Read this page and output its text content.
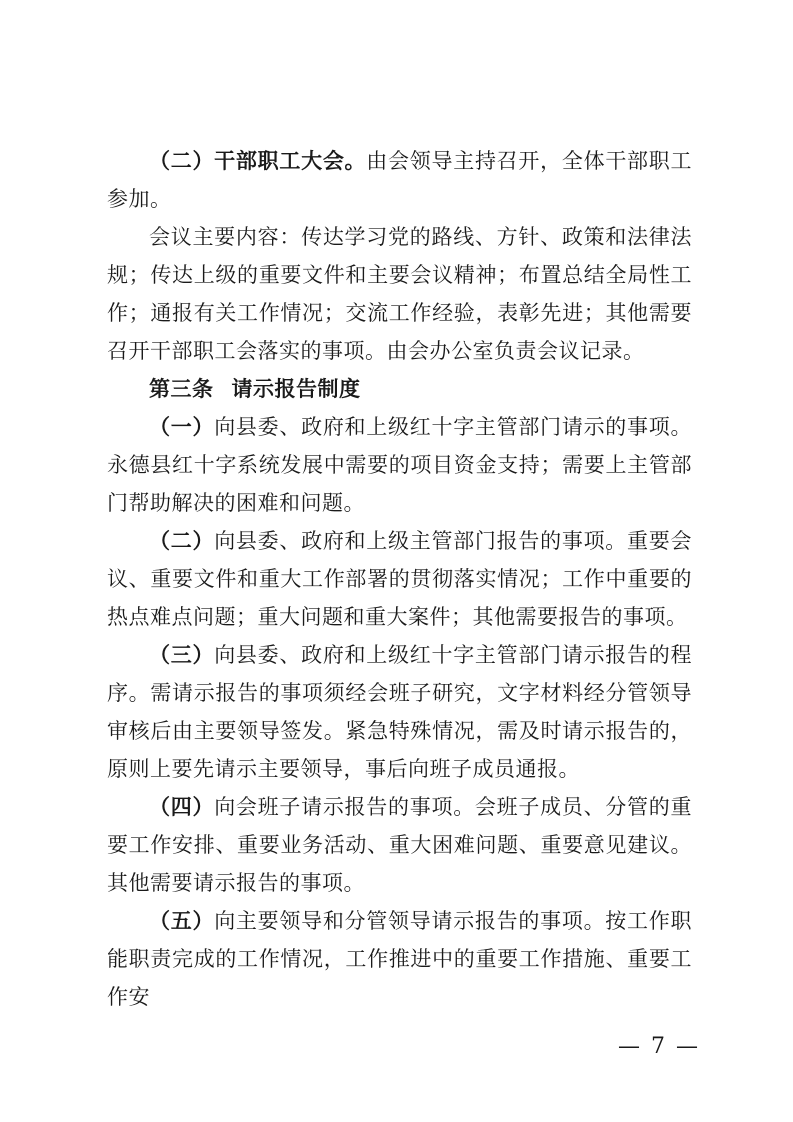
（二）干部职工大会。由会领导主持召开，全体干部职工参加。

会议主要内容：传达学习党的路线、方针、政策和法律法规；传达上级的重要文件和主要会议精神；布置总结全局性工作；通报有关工作情况；交流工作经验，表彰先进；其他需要召开干部职工会落实的事项。由会办公室负责会议记录。

第三条 请示报告制度

（一）向县委、政府和上级红十字主管部门请示的事项。永德县红十字系统发展中需要的项目资金支持；需要上主管部门帮助解决的困难和问题。

（二）向县委、政府和上级主管部门报告的事项。重要会议、重要文件和重大工作部署的贯彻落实情况；工作中重要的热点难点问题；重大问题和重大案件；其他需要报告的事项。

（三）向县委、政府和上级红十字主管部门请示报告的程序。需请示报告的事项须经会班子研究，文字材料经分管领导审核后由主要领导签发。紧急特殊情况，需及时请示报告的，原则上要先请示主要领导，事后向班子成员通报。

（四）向会班子请示报告的事项。会班子成员、分管的重要工作安排、重要业务活动、重大困难问题、重要意见建议。其他需要请示报告的事项。

（五）向主要领导和分管领导请示报告的事项。按工作职能职责完成的工作情况，工作推进中的重要工作措施、重要工作安

— 7 —
